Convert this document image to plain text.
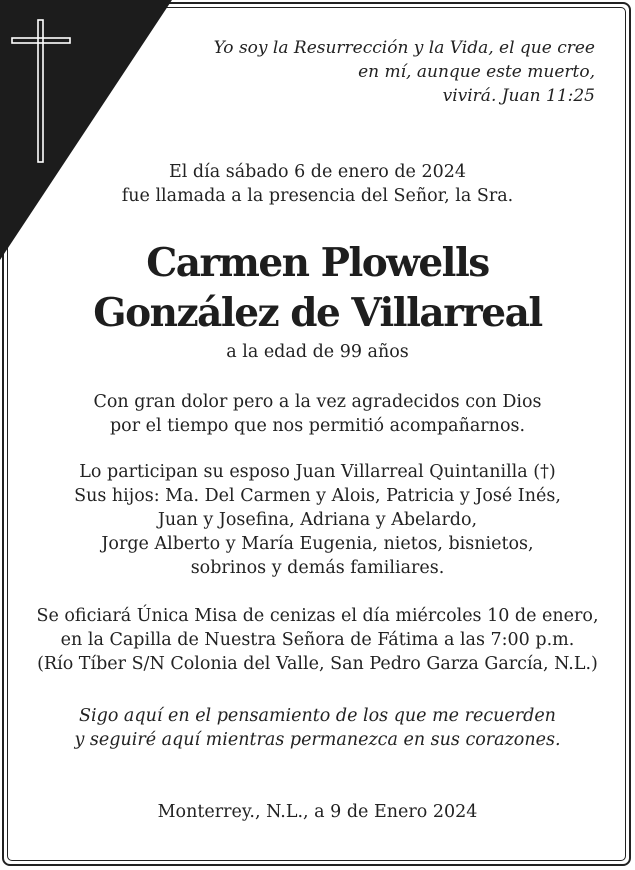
Yo soy la Resurrección y la Vida, el que cree

en mí, aunque este muerto,

vivirá. Juan 11:25

El día sábado 6 de enero de 2024

fue llamada a la presencia del Señor, la Sra.

Carmen Plowells

González de Villarreal

a la edad de 99 años

Con gran dolor pero a la vez agradecidos con Dios

por el tiempo que nos permitió acompañarnos.

Lo participan su esposo Juan Villarreal Quintanilla (†)

Sus hijos: Ma. Del Carmen y Alois, Patricia y José Inés,

Juan y Josefina, Adriana y Abelardo,

Jorge Alberto y María Eugenia, nietos, bisnietos,

sobrinos y demás familiares.

Se oficiará Única Misa de cenizas el día miércoles 10 de enero,

en la Capilla de Nuestra Señora de Fátima a las 7:00 p.m.

(Río Tíber S/N Colonia del Valle, San Pedro Garza García, N.L.)

Sigo aquí en el pensamiento de los que me recuerden

y seguiré aquí mientras permanezca en sus corazones.

Monterrey., N.L., a 9 de Enero 2024
